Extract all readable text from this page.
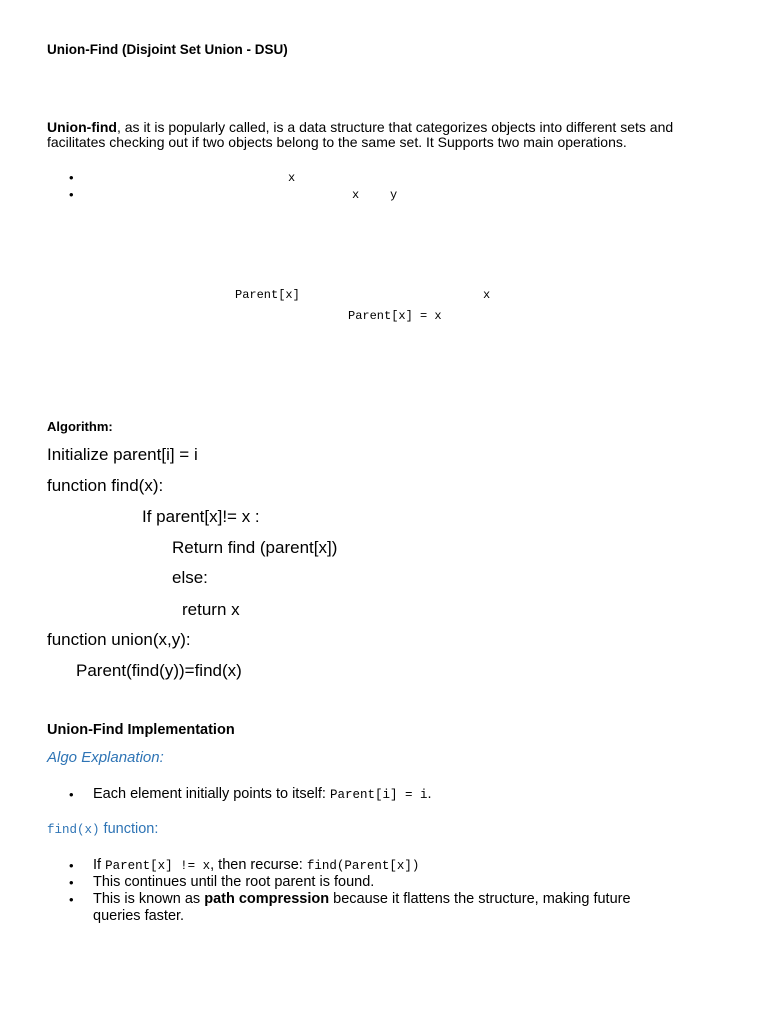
Union-Find (Disjoint Set Union - DSU)
Union-find, as it is popularly called, is a data structure that categorizes objects into different sets and
facilitates checking out if two objects belong to the same set. It Supports two main operations.
•	x
•	x	y
Parent[x]	x
Parent[x] = x
Algorithm:
Initialize parent[i] = i
function find(x):
If parent[x]!= x :
Return find (parent[x])
else:
return x
function union(x,y):
Parent(find(y))=find(x)
Union-Find Implementation
Algo Explanation:
• Each element initially points to itself: Parent[i] = i.
find(x) function:
• If Parent[x] != x, then recurse: find(Parent[x])
• This continues until the root parent is found.
• This is known as path compression because it flattens the structure, making future
queries faster.
